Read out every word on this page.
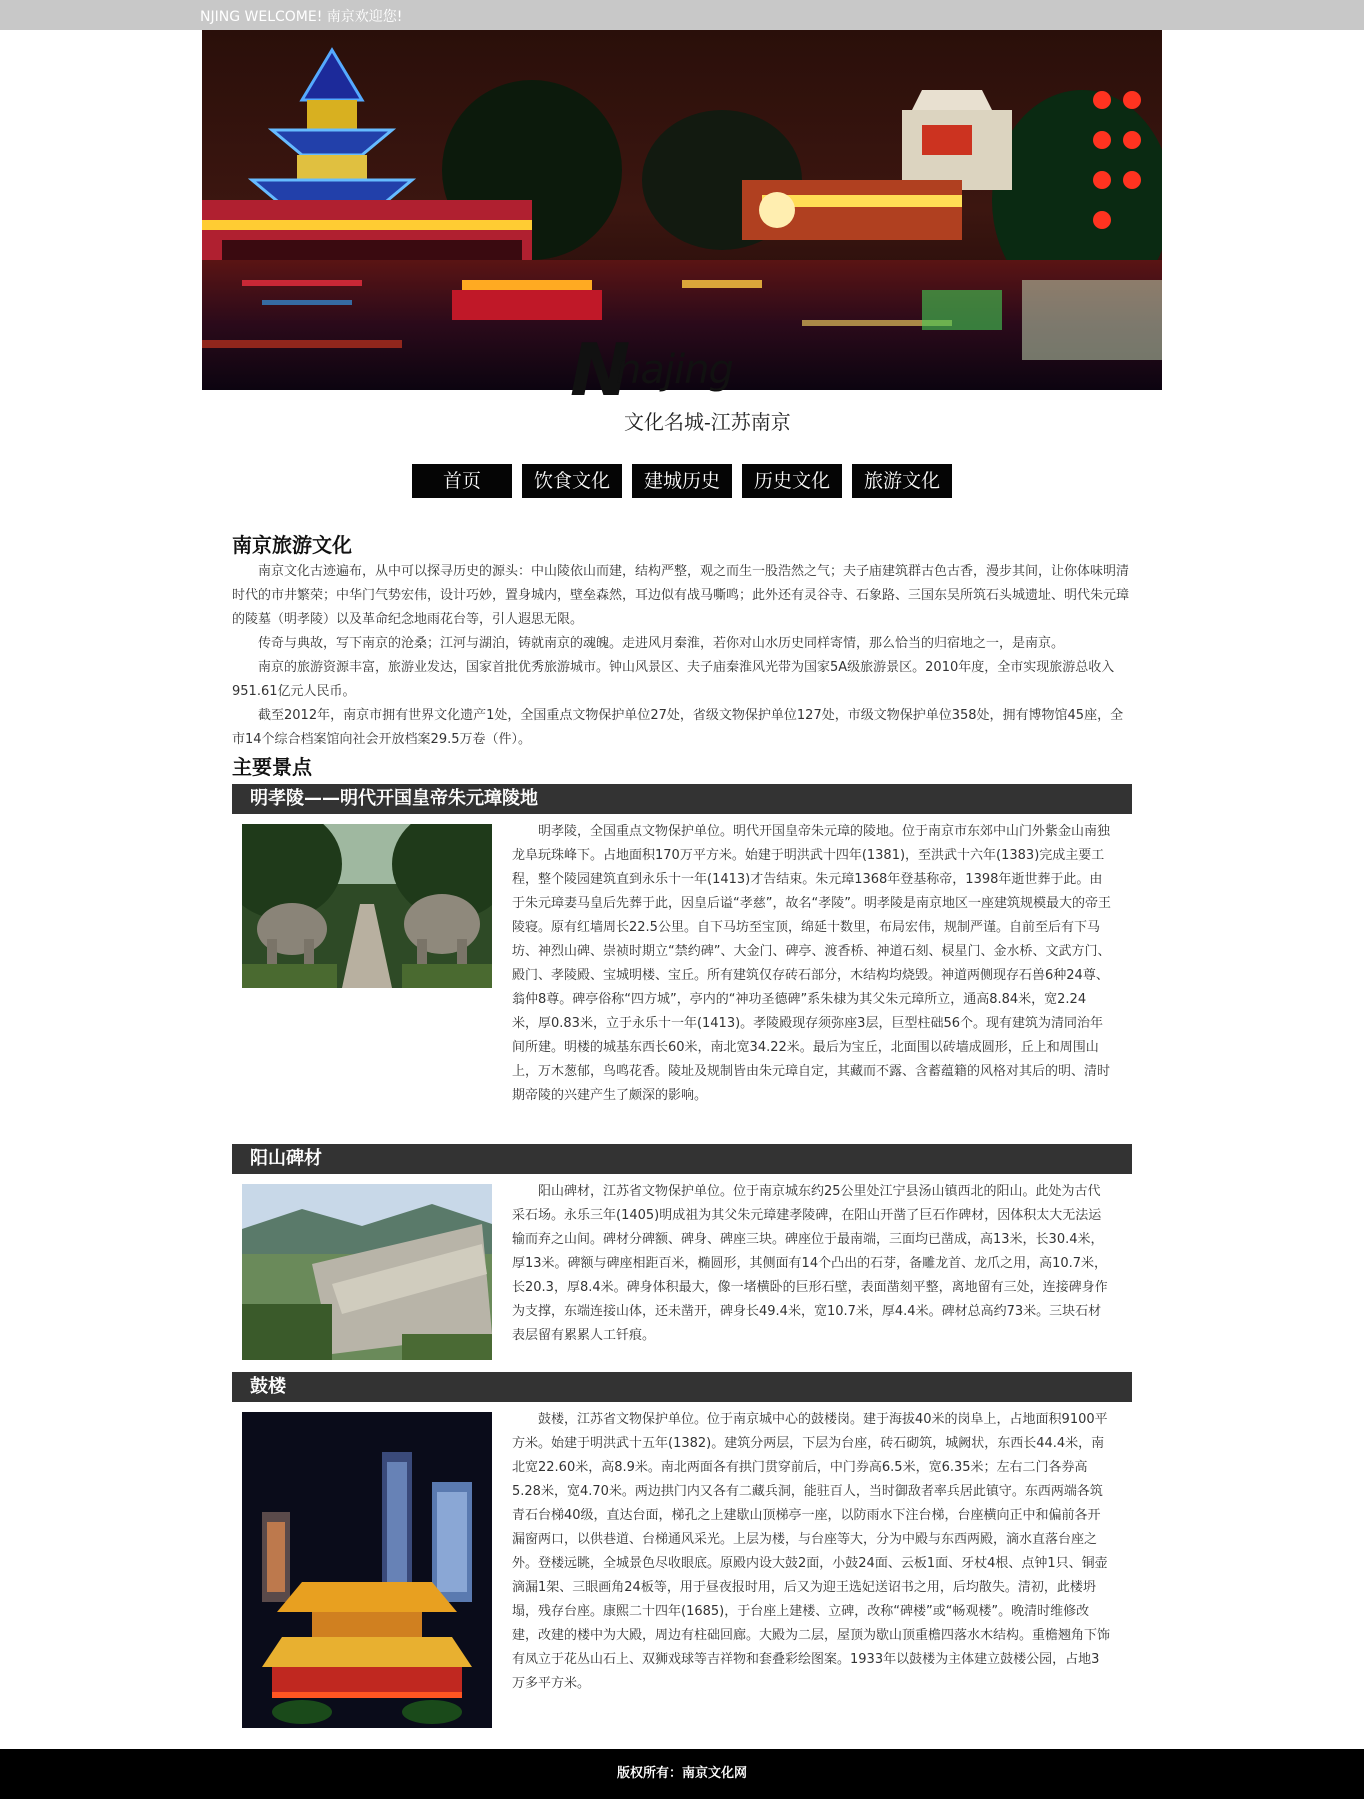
NJING WELCOME! 南京欢迎您!
N
najing
文化名城-江苏南京
首页	饮食文化	建城历史	历史文化	旅游文化
南京旅游文化

南京文化古迹遍布，从中可以探寻历史的源头：中山陵依山而建，结构严整，观之而生一股浩然之气；夫子庙建筑群古色古香，漫步其间，让你体味明清时代的市井繁荣；中华门气势宏伟，设计巧妙，置身城内，壁垒森然，耳边似有战马嘶鸣；此外还有灵谷寺、石象路、三国东吴所筑石头城遗址、明代朱元璋的陵墓（明孝陵）以及革命纪念地雨花台等，引人遐思无限。

传奇与典故，写下南京的沧桑；江河与湖泊，铸就南京的魂魄。走进风月秦淮，若你对山水历史同样寄情，那么恰当的归宿地之一，是南京。

南京的旅游资源丰富，旅游业发达，国家首批优秀旅游城市。钟山风景区、夫子庙秦淮风光带为国家5A级旅游景区。2010年度，全市实现旅游总收入951.61亿元人民币。

截至2012年，南京市拥有世界文化遗产1处，全国重点文物保护单位27处，省级文物保护单位127处，市级文物保护单位358处，拥有博物馆45座，全市14个综合档案馆向社会开放档案29.5万卷（件）。

主要景点
明孝陵——明代开国皇帝朱元璋陵地
明孝陵，全国重点文物保护单位。明代开国皇帝朱元璋的陵地。位于南京市东郊中山门外紫金山南独龙阜玩珠峰下。占地面积170万平方米。始建于明洪武十四年(1381)，至洪武十六年(1383)完成主要工程，整个陵园建筑直到永乐十一年(1413)才告结束。朱元璋1368年登基称帝，1398年逝世葬于此。由于朱元璋妻马皇后先葬于此，因皇后谥“孝慈”，故名“孝陵”。明孝陵是南京地区一座建筑规模最大的帝王陵寝。原有红墙周长22.5公里。自下马坊至宝顶，绵延十数里，布局宏伟，规制严谨。自前至后有下马坊、神烈山碑、崇祯时期立“禁约碑”、大金门、碑亭、渡香桥、神道石刻、棂星门、金水桥、文武方门、殿门、孝陵殿、宝城明楼、宝丘。所有建筑仅存砖石部分，木结构均烧毁。神道两侧现存石兽6种24尊、翁仲8尊。碑亭俗称“四方城”，亭内的“神功圣德碑”系朱棣为其父朱元璋所立，通高8.84米，宽2.24米，厚0.83米，立于永乐十一年(1413)。孝陵殿现存须弥座3层，巨型柱础56个。现有建筑为清同治年间所建。明楼的城基东西长60米，南北宽34.22米。最后为宝丘，北面围以砖墙成圆形，丘上和周围山上，万木葱郁，鸟鸣花香。陵址及规制皆由朱元璋自定，其藏而不露、含蓄蕴籍的风格对其后的明、清时期帝陵的兴建产生了颇深的影响。
阳山碑材
阳山碑材，江苏省文物保护单位。位于南京城东约25公里处江宁县汤山镇西北的阳山。此处为古代采石场。永乐三年(1405)明成祖为其父朱元璋建孝陵碑，在阳山开凿了巨石作碑材，因体积太大无法运输而弃之山间。碑材分碑额、碑身、碑座三块。碑座位于最南端，三面均已凿成，高13米，长30.4米，厚13米。碑额与碑座相距百米，椭圆形，其侧面有14个凸出的石芽，备雕龙首、龙爪之用，高10.7米，长20.3，厚8.4米。碑身体积最大，像一堵横卧的巨形石壁，表面凿刻平整，离地留有三处，连接碑身作为支撑，东端连接山体，还未凿开，碑身长49.4米，宽10.7米，厚4.4米。碑材总高约73米。三块石材表层留有累累人工钎痕。
鼓楼
鼓楼，江苏省文物保护单位。位于南京城中心的鼓楼岗。建于海拔40米的岗阜上，占地面积9100平方米。始建于明洪武十五年(1382)。建筑分两层，下层为台座，砖石砌筑，城阙状，东西长44.4米，南北宽22.60米，高8.9米。南北两面各有拱门贯穿前后，中门券高6.5米，宽6.35米；左右二门各券高5.28米，宽4.70米。两边拱门内又各有二藏兵洞，能驻百人，当时御敌者率兵居此镇守。东西两端各筑青石台梯40级，直达台面，梯孔之上建歇山顶梯亭一座，以防雨水下注台梯，台座横向正中和偏前各开漏窗两口，以供巷道、台梯通风采光。上层为楼，与台座等大，分为中殿与东西两殿，滴水直落台座之外。登楼远眺，全城景色尽收眼底。原殿内设大鼓2面，小鼓24面、云板1面、牙杖4根、点钟1只、铜壶滴漏1架、三眼画角24板等，用于昼夜报时用，后又为迎王选妃送诏书之用，后均散失。清初，此楼坍塌，残存台座。康熙二十四年(1685)，于台座上建楼、立碑，改称“碑楼”或“畅观楼”。晚清时维修改建，改建的楼中为大殿，周边有柱础回廊。大殿为二层，屋顶为歇山顶重檐四落水木结构。重檐翘角下饰有凤立于花丛山石上、双狮戏球等吉祥物和套叠彩绘图案。1933年以鼓楼为主体建立鼓楼公园，占地3万多平方米。
版权所有：南京文化网
